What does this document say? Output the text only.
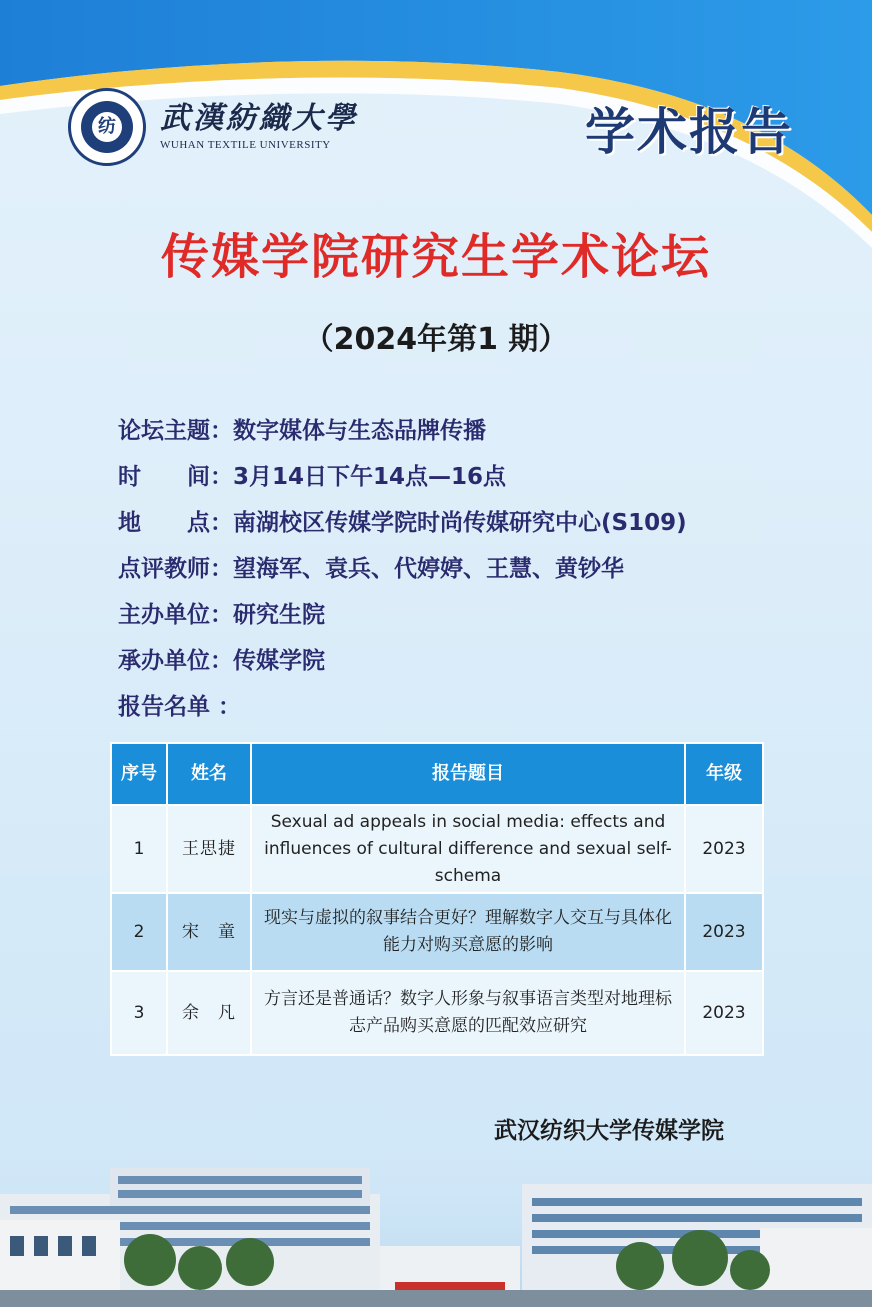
纺 武漢紡織大學
WUHAN TEXTILE UNIVERSITY	学术报告
传媒学院研究生学术论坛
（2024年第1 期）
论坛主题：数字媒体与生态品牌传播
时　　间：3月14日下午14点—16点
地　　点：南湖校区传媒学院时尚传媒研究中心(S109)
点评教师：望海军、袁兵、代婷婷、王慧、黄钞华
主办单位：研究生院
承办单位：传媒学院
报告名单 ：
序号	姓名	报告题目	年级
1	王思捷	Sexual ad appeals in social media: effects and influences of cultural difference and sexual self-schema	2023
2	宋　童	现实与虚拟的叙事结合更好？理解数字人交互与具体化能力对购买意愿的影响	2023
3	余　凡	方言还是普通话？数字人形象与叙事语言类型对地理标志产品购买意愿的匹配效应研究	2023
武汉纺织大学传媒学院
